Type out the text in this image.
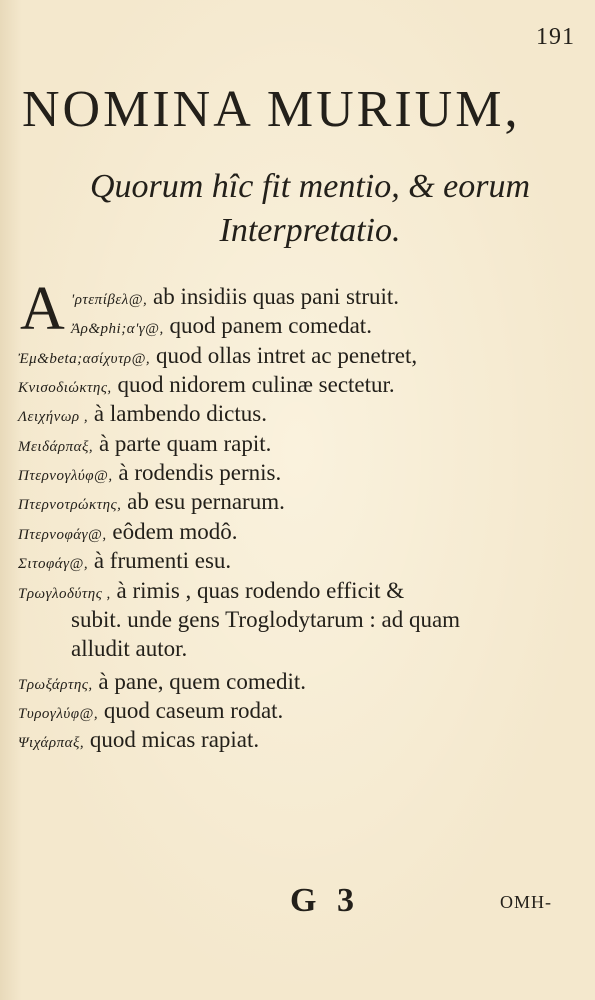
191
NOMINA MURIUM,
Quorum hîc fit mentio, & eorum
Interpretatio.
A 'ρτεπίβελ@, ab insidiis quas pani struit.
Ἀρ&phi;α'γ@, quod panem comedat.
Ἐμ&beta;ασίχυτρ@, quod ollas intret ac penetret,
Κνισοδιώκτης, quod nidorem culinæ sectetur.
Λειχήνωρ , à lambendo dictus.
Μειδάρπαξ, à parte quam rapit.
Πτερνογλύφ@, à rodendis pernis.
Πτερνοτρώκτης, ab esu pernarum.
Πτερνοφάγ@, eôdem modô.
Σιτοφάγ@, à frumenti esu.
Τρωγλοδύτης , à rimis , quas rodendo efficit &
subit. unde gens Troglodytarum : ad quam
alludit autor.
Τρωξάρτης, à pane, quem comedit.
Τυρογλύφ@, quod caseum rodat.
Ψιχάρπαξ, quod micas rapiat.
G 3	ΟΜΗ-
